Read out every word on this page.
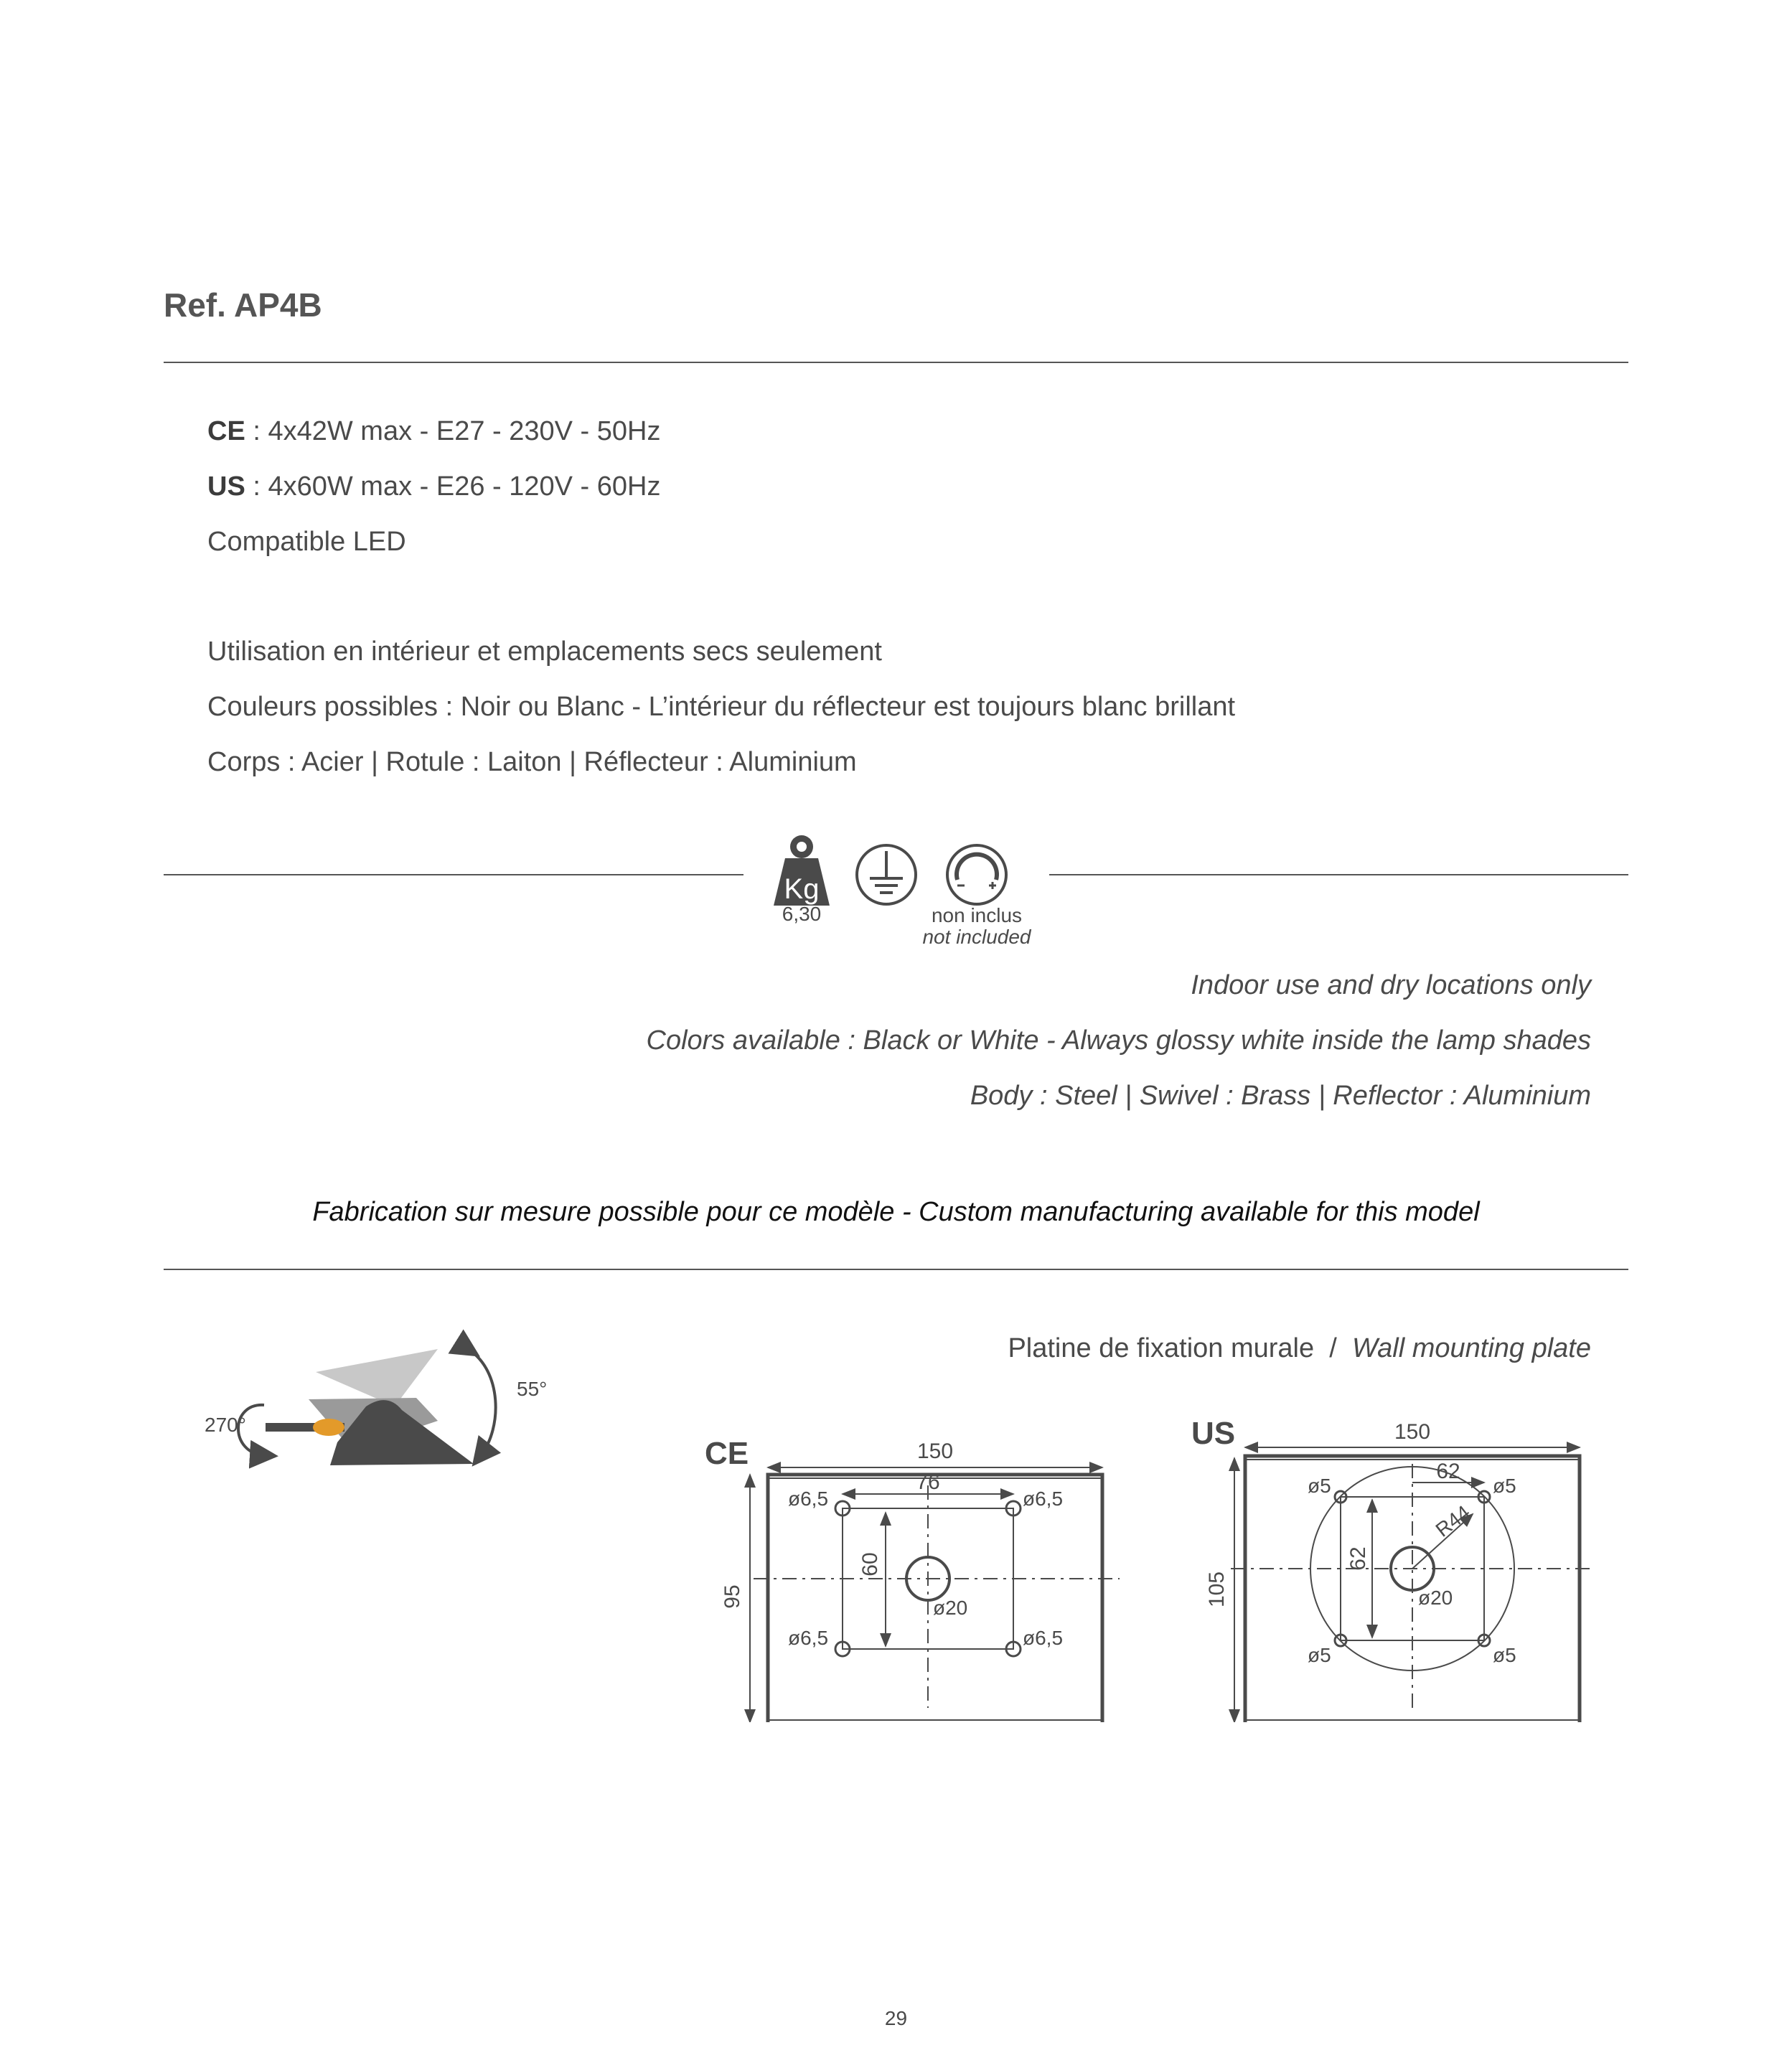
Ref. AP4B
CE : 4x42W max - E27 - 230V - 50Hz
US : 4x60W max - E26 - 120V - 60Hz
Compatible LED
Utilisation en intérieur et emplacements secs seulement
Couleurs possibles : Noir ou Blanc - L’intérieur du réflecteur est toujours blanc brillant
Corps : Acier | Rotule : Laiton | Réflecteur : Aluminium
Kg
6,30	non inclus
not included
Indoor use and dry locations only
Colors available : Black or White - Always glossy white inside the lamp shades
Body : Steel | Swivel : Brass | Reflector : Aluminium
Fabrication sur mesure possible pour ce modèle - Custom manufacturing available for this model
270°
55°
Platine de fixation murale / Wall mounting plate
CE	150
95
76
60
ø6,5	ø6,5
ø6,5	ø6,5
ø20
US	150
105
62
62
R44
ø5	ø5
ø5	ø5
ø20
29
